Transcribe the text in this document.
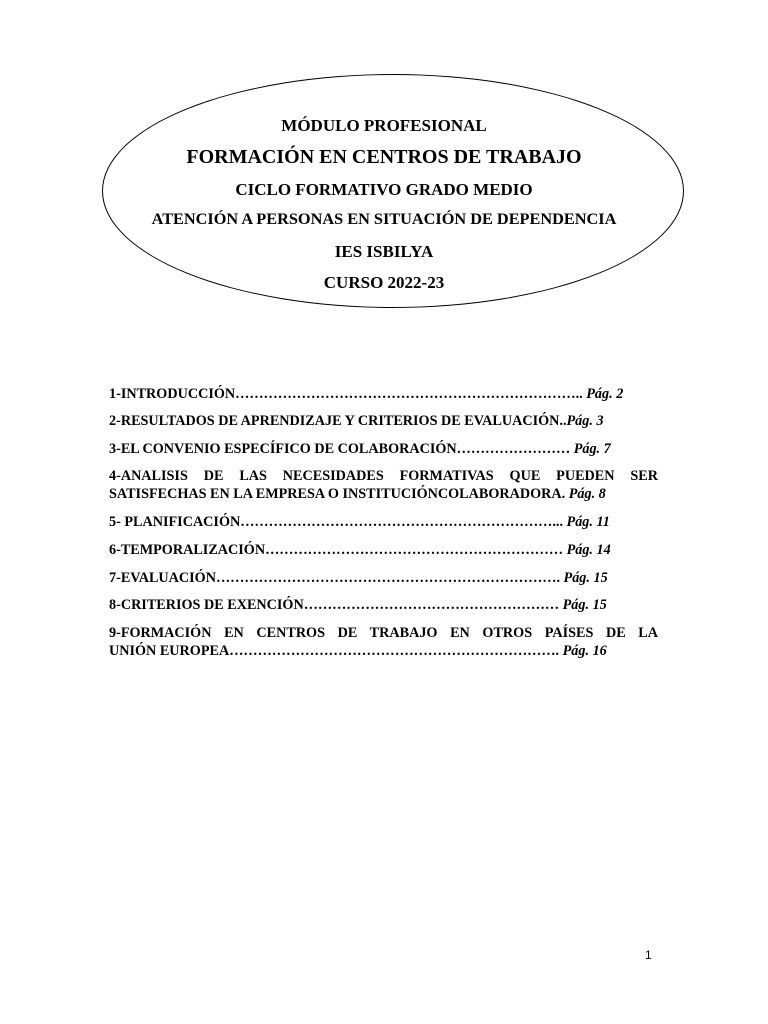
MÓDULO PROFESIONAL
FORMACIÓN EN CENTROS DE TRABAJO
CICLO FORMATIVO GRADO MEDIO
ATENCIÓN A PERSONAS EN SITUACIÓN DE DEPENDENCIA
IES ISBILYA
CURSO 2022-23
1-INTRODUCCIÓN……………………………………………………………….. Pág. 2
2-RESULTADOS DE APRENDIZAJE Y CRITERIOS DE EVALUACIÓN..Pág. 3
3-EL CONVENIO ESPECÍFICO DE COLABORACIÓN…………………… Pág. 7
4-ANALISIS DE LAS NECESIDADES FORMATIVAS QUE PUEDEN SER
SATISFECHAS EN LA EMPRESA O INSTITUCIÓNCOLABORADORA. Pág. 8
5- PLANIFICACIÓN…………………………………………………………... Pág. 11
6-TEMPORALIZACIÓN……………………………………………………… Pág. 14
7-EVALUACIÓN………………………………………………………………. Pág. 15
8-CRITERIOS DE EXENCIÓN……………………………………………… Pág. 15
9-FORMACIÓN EN CENTROS DE TRABAJO EN OTROS PAÍSES DE LA
UNIÓN EUROPEA……………………………………………………………. Pág. 16
1
